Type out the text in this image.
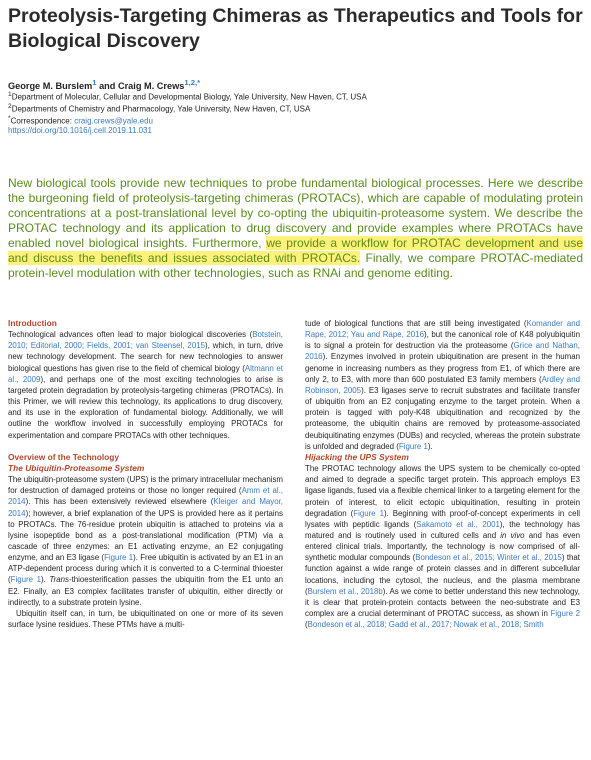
Proteolysis-Targeting Chimeras as Therapeutics and Tools for Biological Discovery
George M. Burslem$^1$ and Craig M. Crews$^{1,2,*}$
$^1$Department of Molecular, Cellular and Developmental Biology, Yale University, New Haven, CT, USA
$^2$Departments of Chemistry and Pharmacology, Yale University, New Haven, CT, USA
*Correspondence: craig.crews@yale.edu
https://doi.org/10.1016/j.cell.2019.11.031

New biological tools provide new techniques to probe fundamental biological processes. Here we describe the burgeoning field of proteolysis-targeting chimeras (PROTACs), which are capable of modulating protein concentrations at a post-translational level by co-opting the ubiquitin-proteasome system. We describe the PROTAC technology and its application to drug discovery and provide examples where PROTACs have enabled novel biological insights. Furthermore, we provide a workflow for PROTAC development and use and discuss the benefits and issues associated with PROTACs. Finally, we compare PROTAC-mediated protein-level modulation with other technologies, such as RNAi and genome editing.

Introduction

Technological advances often lead to major biological discoveries (Botstein, 2010; Editorial, 2000; Fields, 2001; van Steensel, 2015), which, in turn, drive new technology development. The search for new technologies to answer biological questions has given rise to the field of chemical biology (Altmann et al., 2009), and perhaps one of the most exciting technologies to arise is targeted protein degradation by proteolysis-targeting chimeras (PROTACs). In this Primer, we will review this technology, its applications to drug discovery, and its use in the exploration of fundamental biology. Additionally, we will outline the workflow involved in successfully employing PROTACs for experimentation and compare PROTACs with other techniques.

Overview of the Technology
The Ubiquitin-Proteasome System

The ubiquitin-proteasome system (UPS) is the primary intracellular mechanism for destruction of damaged proteins or those no longer required (Amm et al., 2014). This has been extensively reviewed elsewhere (Kleiger and Mayor, 2014); however, a brief explanation of the UPS is provided here as it pertains to PROTACs. The 76-residue protein ubiquitin is attached to proteins via a lysine isopeptide bond as a post-translational modification (PTM) via a cascade of three enzymes: an E1 activating enzyme, an E2 conjugating enzyme, and an E3 ligase (Figure 1). Free ubiquitin is activated by an E1 in an ATP-dependent process during which it is converted to a C-terminal thioester (Figure 1). Trans-thioesterification passes the ubiquitin from the E1 unto an E2. Finally, an E3 complex facilitates transfer of ubiquitin, either directly or indirectly, to a substrate protein lysine.

Ubiquitin itself can, in turn, be ubiquitinated on one or more of its seven surface lysine residues. These PTMs have a multi-

tude of biological functions that are still being investigated (Komander and Rape, 2012; Yau and Rape, 2016), but the canonical role of K48 polyubiquitin is to signal a protein for destruction via the proteasome (Grice and Nathan, 2016). Enzymes involved in protein ubiquitination are present in the human genome in increasing numbers as they progress from E1, of which there are only 2, to E3, with more than 600 postulated E3 family members (Ardley and Robinson, 2005). E3 ligases serve to recruit substrates and facilitate transfer of ubiquitin from an E2 conjugating enzyme to the target protein. When a protein is tagged with poly-K48 ubiquitination and recognized by the proteasome, the ubiquitin chains are removed by proteasome-associated deubiquitinating enzymes (DUBs) and recycled, whereas the protein substrate is unfolded and degraded (Figure 1).

Hijacking the UPS System

The PROTAC technology allows the UPS system to be chemically co-opted and aimed to degrade a specific target protein. This approach employs E3 ligase ligands, fused via a flexible chemical linker to a targeting element for the protein of interest, to elicit ectopic ubiquitination, resulting in protein degradation (Figure 1). Beginning with proof-of-concept experiments in cell lysates with peptidic ligands (Sakamoto et al., 2001), the technology has matured and is routinely used in cultured cells and in vivo and has even entered clinical trials. Importantly, the technology is now comprised of all-synthetic modular compounds (Bondeson et al., 2015; Winter et al., 2015) that function against a wide range of protein classes and in different subcellular locations, including the cytosol, the nucleus, and the plasma membrane (Burslem et al., 2018b). As we come to better understand this new technology, it is clear that protein-protein contacts between the neo-substrate and E3 complex are a crucial determinant of PROTAC success, as shown in Figure 2 (Bondeson et al., 2018; Gadd et al., 2017; Nowak et al., 2018; Smith
